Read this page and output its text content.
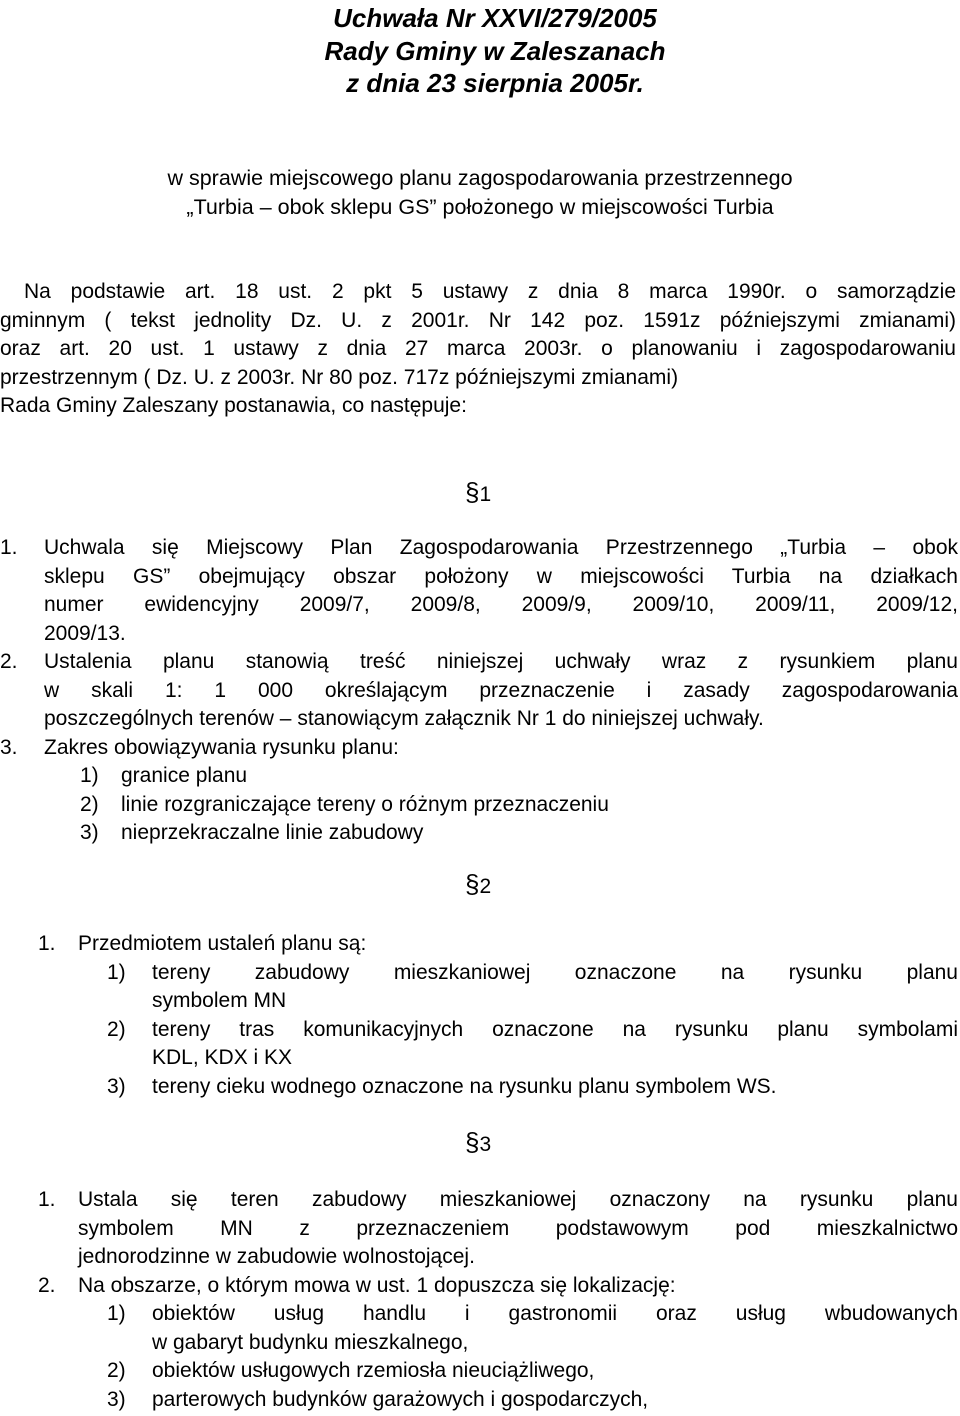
Uchwała Nr XXVI/279/2005
Rady Gminy w Zaleszanach
z dnia 23 sierpnia 2005r.
w sprawie miejscowego planu zagospodarowania przestrzennego
„Turbia – obok sklepu GS” położonego w miejscowości Turbia
Na podstawie art. 18 ust. 2 pkt 5 ustawy z dnia 8 marca 1990r. o samorządzie
gminnym ( tekst jednolity Dz. U. z 2001r. Nr 142 poz. 1591z późniejszymi zmianami)
oraz art. 20 ust. 1 ustawy z dnia 27 marca 2003r. o planowaniu i zagospodarowaniu
przestrzennym ( Dz. U. z 2003r. Nr 80 poz. 717z późniejszymi zmianami)
Rada Gminy Zaleszany postanawia, co następuje:
§1
1.	Uchwala się Miejscowy Plan Zagospodarowania Przestrzennego „Turbia – obok
sklepu GS” obejmujący obszar położony w miejscowości Turbia na działkach
numer ewidencyjny 2009/7, 2009/8, 2009/9, 2009/10, 2009/11, 2009/12,
2009/13.
2. Ustalenia planu stanowią treść niniejszej uchwały wraz z rysunkiem planu
w skali 1: 1 000 określającym przeznaczenie i zasady zagospodarowania
poszczególnych terenów – stanowiącym załącznik Nr 1 do niniejszej uchwały.
3. Zakres obowiązywania rysunku planu:
1) granice planu
2) linie rozgraniczające tereny o różnym przeznaczeniu
3) nieprzekraczalne linie zabudowy
§2
1. Przedmiotem ustaleń planu są:
1) tereny zabudowy mieszkaniowej oznaczone na rysunku planu
symbolem MN
2) tereny tras komunikacyjnych oznaczone na rysunku planu symbolami
KDL, KDX i KX
3) tereny cieku wodnego oznaczone na rysunku planu symbolem WS.
§3
1. Ustala się teren zabudowy mieszkaniowej oznaczony na rysunku planu
symbolem MN z przeznaczeniem podstawowym pod mieszkalnictwo
jednorodzinne w zabudowie wolnostojącej.
2. Na obszarze, o którym mowa w ust. 1 dopuszcza się lokalizację:
1) obiektów usług handlu i gastronomii oraz usług wbudowanych
w gabaryt budynku mieszkalnego,
2) obiektów usługowych rzemiosła nieuciążliwego,
3) parterowych budynków garażowych i gospodarczych,
